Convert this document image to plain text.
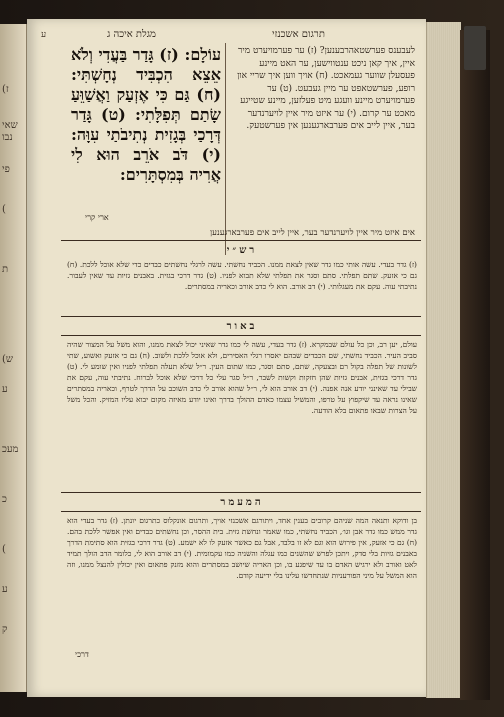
(ז
שאי
נבו
פי
(
ת
(ש
ע
מעכ
כ
(
ע
ק
ע	מגלת איכה ג	תרגום אשכנזי
עוֹלָם: (ז) גָּדַר בַּעֲדִי וְלֹא אֵצֵא הִכְבִּיד נְחָשְׁתִּי: (ח) גַּם כִּי אֶזְעַק וַאֲשַׁוֵּעַ שָׂתַם תְּפִלָּתִי: (ט) גָּדַר דְּרָכַי בְּגָזִית נְתִיבֹתַי עִוָּה: (י) דֹּב אֹרֵב הוּא לִי אֲרִיה בְּמִסְתָּרִים:
ארי קרי
לעבענס פערשטאהרבענען? (ז) ער פערמויערט מיר איין, איך קאן ניכט ענטווישען, ער האט מיינע פעסעלן שווער געמאכט. (ח) אויך ווען איך שריי און רופע, פערשטאפט ער מיין געבעט. (ט) ער פערמויערט מיינע וועגע מיט פעלזען, מיינע שטייגע מאכט ער קרום. (י) ער איזט מיר איין לויערנדער בער, איין לייב אים פערבארגענען אין פערשטעק.
אים איזט מיר איין לויערנדער בער, איין לייב אים פערבארגענען
רש״י
(ז) גדר בעדי. עשה אותי כמו גדר שאין לצאת ממנו. הכביד נחשתי. עשה לרגלי נחשתים כבדים כדי שלא אוכל ללכת. (ח) גם כי אזעק. שתם תפלתי. סתם וסגר את תפלתי שלא תבוא לפניו. (ט) גדר דרכי בגזית. באבנים גזיות עד שאין לעבור. נתיבתי עוה. עקם את מעגלותי. (י) דב אורב. הוא לי כדב אורב וכאריה במסתרים.
באור
עולם, יען רב, וכן כל עולם שבמקרא. (ז) גדר בעדי, עשה לי כמו גדר שאיני יכול לצאת ממנו, והוא משל על המצור שהיה סביב העיר. הכביד נחשתי, שם הכבדים שבהם יאסרו רגלי האסירים, ולא אוכל ללכת ולשוב. (ח) גם כי אזעק ואשוע, שתי לשונות של תפלה בקול רם ובצעקה, שתם, סתם וסגר, כמו שתום העין. ר״ל שלא תעלה תפלתי לפניו ואין שומע לי. (ט) גדר דרכי בגזית, אבנים גזיות שהן חזקות וקשות לשבר, ר״ל סגר עלי כל דרכי שלא אוכל לברוח. נתיבתי עוה, עקם את שבילי עד שאינני יודע אנה אפנה. (י) דב אורב הוא לי, ר״ל שהוא אורב לי כדב השוכב על הדרך לטרף, וכאריה במסתרים שאינו נראה עד שיקפוץ על טרפו, והמשיל עצמו כאדם ההולך בדרך ואינו יודע מאיזה מקום יבוא עליו המזיק. והכל משל על הצרות שבאו פתאום בלא הודעה.
המעמר
בן ודוקא ותנאה המה שניהם קרובים בענין אחד, ויתורגם אשכנזי אויך, ותרגום אונקלוס כתרגום יונתן. (ז) גדר בעדי הוא גדר ממש כמו גדר אבן וגו׳, הכביד נחשתי, כמו שאמר ונחשת גזית. בית ההסר, וכן נחשתים כבדים ואין אפשר ללכת בהם. (ח) גם כי אזעק, אין פירוש הוא וגם לא זו בלבד, אבל גם כאשר אזעק לו לא ישמע. (ט) גדר דרכי בגזית הוא סתימת הדרך באבנים גזיות בלי סדק, ויתכן לפרש שהשנים כמו עגלה והשניה כמו עקמומית. (י) דב אורב הוא לי, כלומר הדב הולך תמיד לאט ואורב ולא ירגיש האדם בו עד שיפגע בו, וכן האריה שיושב במסתרים והוא מזנק פתאום ואין יכולין להנצל ממנו, וזה הוא המשל על מיני הפורעניות שנתחדשו עלינו בלי ידיעה קודם.
דרכי
